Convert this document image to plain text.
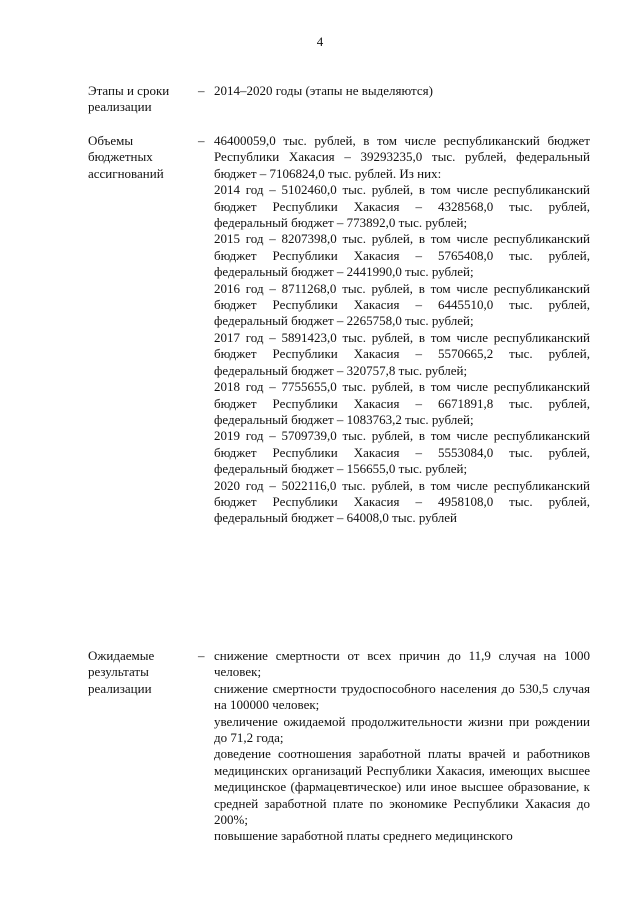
4
Этапы и сроки реализации
– 2014–2020 годы (этапы не выделяются)

Объемы бюджетных ассигнований
– 46400059,0 тыс. рублей, в том числе республиканский бюджет Республики Хакасия – 39293235,0 тыс. рублей, федеральный бюджет – 7106824,0 тыс. рублей. Из них:

2014 год – 5102460,0 тыс. рублей, в том числе республиканский бюджет Республики Хакасия – 4328568,0 тыс. рублей, федеральный бюджет – 773892,0 тыс. рублей;

2015 год – 8207398,0 тыс. рублей, в том числе республиканский бюджет Республики Хакасия – 5765408,0 тыс. рублей, федеральный бюджет – 2441990,0 тыс. рублей;

2016 год – 8711268,0 тыс. рублей, в том числе республиканский бюджет Республики Хакасия – 6445510,0 тыс. рублей, федеральный бюджет – 2265758,0 тыс. рублей;

2017 год – 5891423,0 тыс. рублей, в том числе республиканский бюджет Республики Хакасия – 5570665,2 тыс. рублей, федеральный бюджет – 320757,8 тыс. рублей;

2018 год – 7755655,0 тыс. рублей, в том числе республиканский бюджет Республики Хакасия – 6671891,8 тыс. рублей, федеральный бюджет – 1083763,2 тыс. рублей;

2019 год – 5709739,0 тыс. рублей, в том числе республиканский бюджет Республики Хакасия – 5553084,0 тыс. рублей, федеральный бюджет – 156655,0 тыс. рублей;

2020 год – 5022116,0 тыс. рублей, в том числе республиканский бюджет Республики Хакасия – 4958108,0 тыс. рублей, федеральный бюджет – 64008,0 тыс. рублей

Ожидаемые результаты реализации
– снижение смертности от всех причин до 11,9 случая на 1000 человек;

снижение смертности трудоспособного населения до 530,5 случая на 100000 человек;

увеличение ожидаемой продолжительности жизни при рождении до 71,2 года;

доведение соотношения заработной платы врачей и работников медицинских организаций Республики Хакасия, имеющих высшее медицинское (фармацевтическое) или иное высшее образование, к средней заработной плате по экономике Республики Хакасия до 200%;

повышение заработной платы среднего медицинского
